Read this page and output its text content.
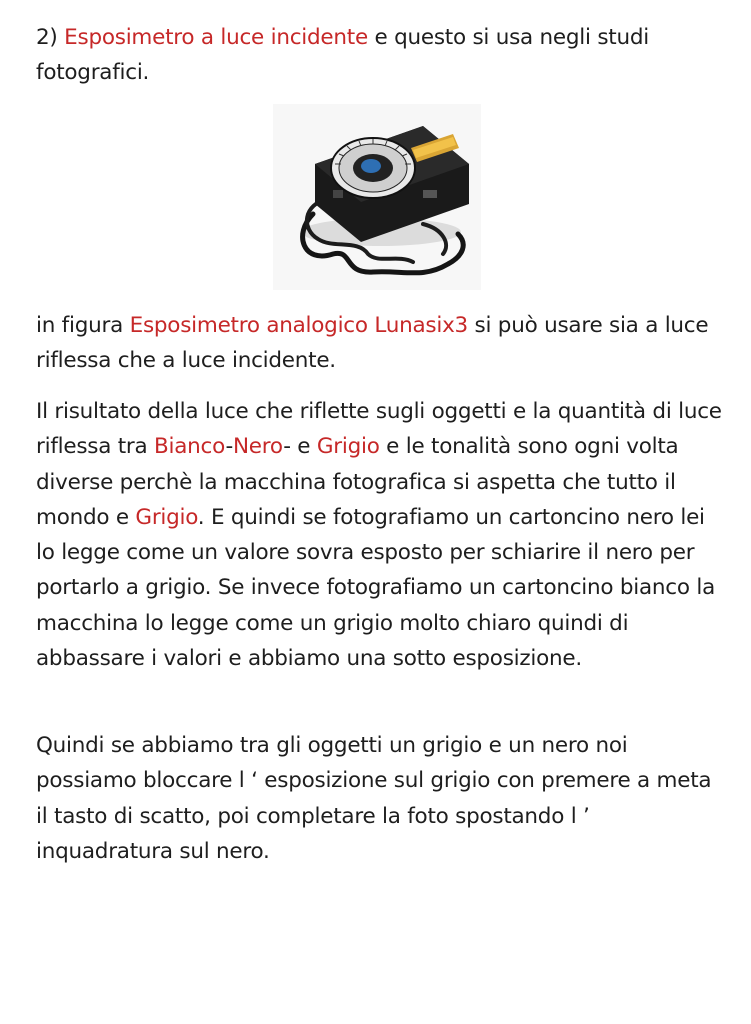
2) Esposimetro a luce incidente e questo si usa negli studi fotografici.

in figura Esposimetro analogico Lunasix3 si può usare sia a luce riflessa che a luce incidente.

Il risultato della luce che riflette sugli oggetti e la quantità di luce riflessa tra Bianco-Nero- e Grigio e le tonalità sono ogni volta diverse perchè la macchina fotografica si aspetta che tutto il mondo e Grigio. E quindi se fotografiamo un cartoncino nero lei lo legge come un valore sovra esposto per schiarire il nero per portarlo a grigio. Se invece fotografiamo un cartoncino bianco la macchina lo legge come un grigio molto chiaro quindi di abbassare i valori e abbiamo una sotto esposizione.

Quindi se abbiamo tra gli oggetti un grigio e un nero noi possiamo bloccare l ‘ esposizione sul grigio con premere a meta il tasto di scatto, poi completare la foto spostando l ’ inquadratura sul nero.
